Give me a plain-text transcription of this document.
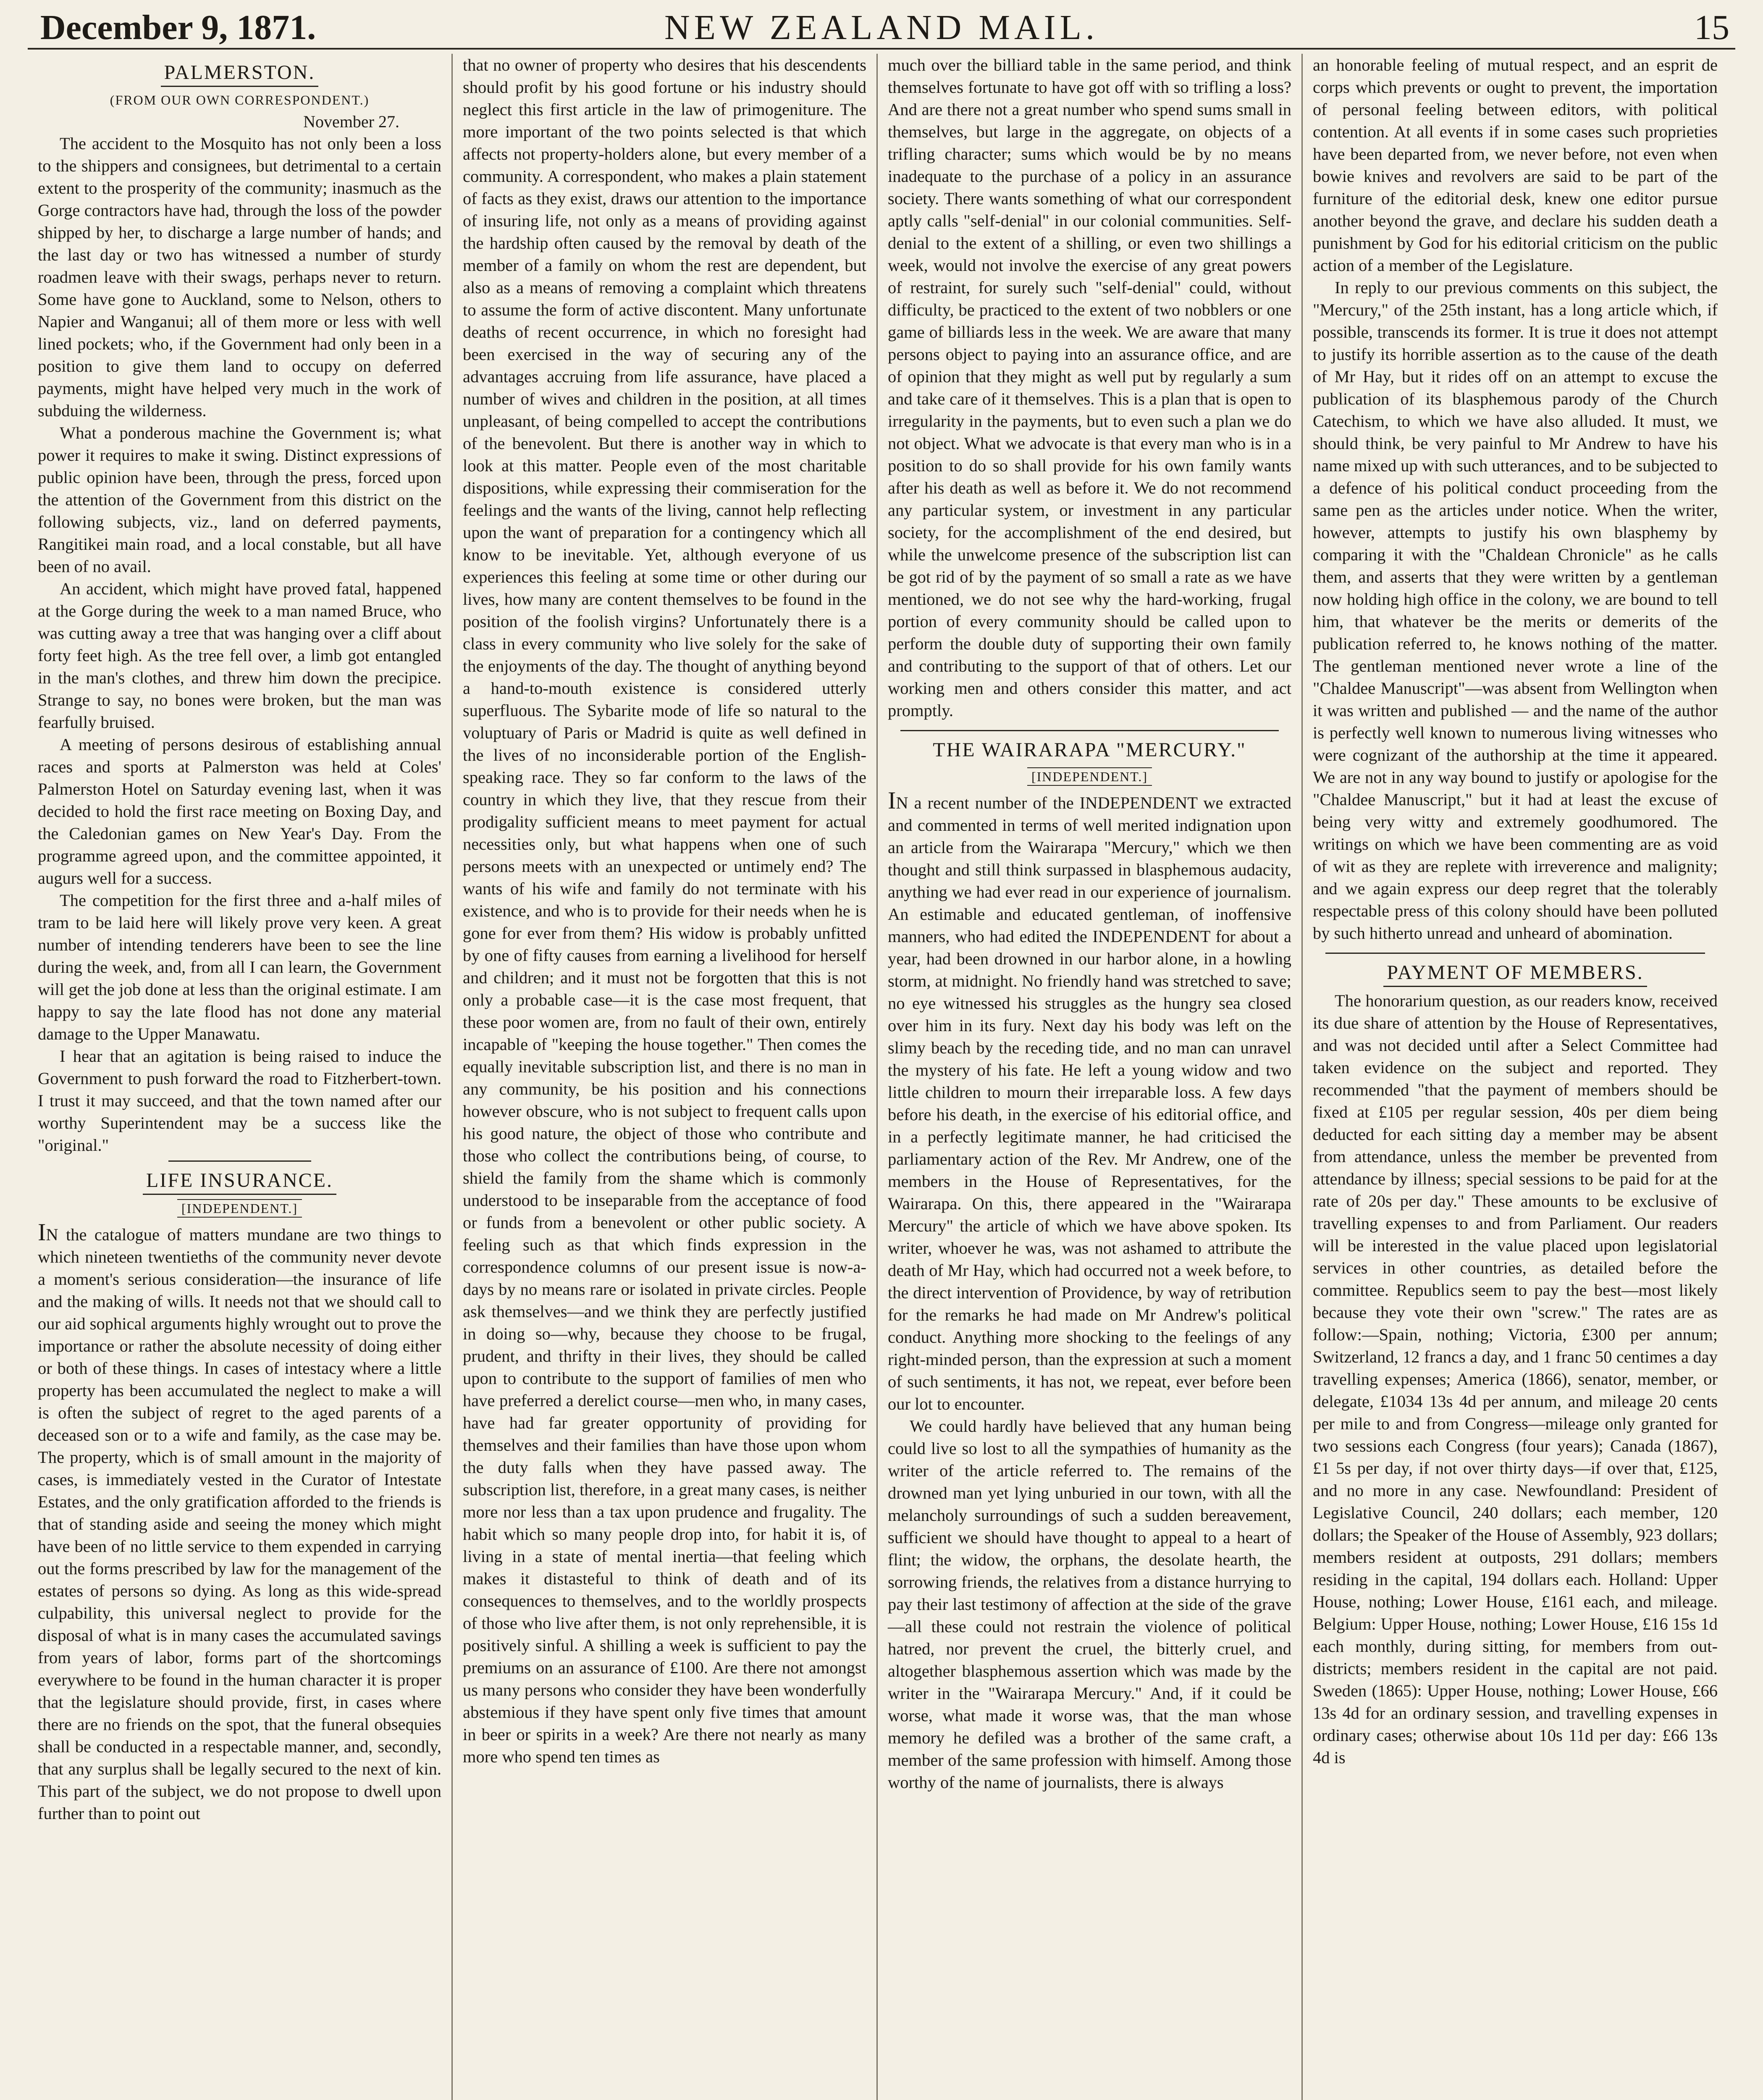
NEW ZEALAND MAIL.
December 9, 1871.	15
PALMERSTON.
(FROM OUR OWN CORRESPONDENT.)
November 27.

The accident to the Mosquito has not only been a loss to the shippers and consignees, but detrimental to a certain extent to the prosperity of the community; inasmuch as the Gorge contractors have had, through the loss of the powder shipped by her, to discharge a large number of hands; and the last day or two has witnessed a number of sturdy roadmen leave with their swags, perhaps never to return. Some have gone to Auckland, some to Nelson, others to Napier and Wanganui; all of them more or less with well lined pockets; who, if the Government had only been in a position to give them land to occupy on deferred payments, might have helped very much in the work of subduing the wilderness.

What a ponderous machine the Government is; what power it requires to make it swing. Distinct expressions of public opinion have been, through the press, forced upon the attention of the Government from this district on the following subjects, viz., land on deferred payments, Rangitikei main road, and a local constable, but all have been of no avail.

An accident, which might have proved fatal, happened at the Gorge during the week to a man named Bruce, who was cutting away a tree that was hanging over a cliff about forty feet high. As the tree fell over, a limb got entangled in the man's clothes, and threw him down the precipice. Strange to say, no bones were broken, but the man was fearfully bruised.

A meeting of persons desirous of establishing annual races and sports at Palmerston was held at Coles' Palmerston Hotel on Saturday evening last, when it was decided to hold the first race meeting on Boxing Day, and the Caledonian games on New Year's Day. From the programme agreed upon, and the committee appointed, it augurs well for a success.

The competition for the first three and a-half miles of tram to be laid here will likely prove very keen. A great number of intending tenderers have been to see the line during the week, and, from all I can learn, the Government will get the job done at less than the original estimate. I am happy to say the late flood has not done any material damage to the Upper Manawatu.

I hear that an agitation is being raised to induce the Government to push forward the road to Fitzherbert-town. I trust it may succeed, and that the town named after our worthy Superintendent may be a success like the "original."

LIFE INSURANCE.
[INDEPENDENT.]

IN the catalogue of matters mundane are two things to which nineteen twentieths of the community never devote a moment's serious consideration—the insurance of life and the making of wills. It needs not that we should call to our aid sophical arguments highly wrought out to prove the importance or rather the absolute necessity of doing either or both of these things. In cases of intestacy where a little property has been accumulated the neglect to make a will is often the subject of regret to the aged parents of a deceased son or to a wife and family, as the case may be. The property, which is of small amount in the majority of cases, is immediately vested in the Curator of Intestate Estates, and the only gratification afforded to the friends is that of standing aside and seeing the money which might have been of no little service to them expended in carrying out the forms prescribed by law for the management of the estates of persons so dying. As long as this wide-spread culpability, this universal neglect to provide for the disposal of what is in many cases the accumulated savings from years of labor, forms part of the shortcomings everywhere to be found in the human character it is proper that the legislature should provide, first, in cases where there are no friends on the spot, that the funeral obsequies shall be conducted in a respectable manner, and, secondly, that any surplus shall be legally secured to the next of kin. This part of the subject, we do not propose to dwell upon further than to point out

that no owner of property who desires that his descendents should profit by his good fortune or his industry should neglect this first article in the law of primogeniture. The more important of the two points selected is that which affects not property-holders alone, but every member of a community. A correspondent, who makes a plain statement of facts as they exist, draws our attention to the importance of insuring life, not only as a means of providing against the hardship often caused by the removal by death of the member of a family on whom the rest are dependent, but also as a means of removing a complaint which threatens to assume the form of active discontent. Many unfortunate deaths of recent occurrence, in which no foresight had been exercised in the way of securing any of the advantages accruing from life assurance, have placed a number of wives and children in the position, at all times unpleasant, of being compelled to accept the contributions of the benevolent. But there is another way in which to look at this matter. People even of the most charitable dispositions, while expressing their commiseration for the feelings and the wants of the living, cannot help reflecting upon the want of preparation for a contingency which all know to be inevitable. Yet, although everyone of us experiences this feeling at some time or other during our lives, how many are content themselves to be found in the position of the foolish virgins? Unfortunately there is a class in every community who live solely for the sake of the enjoyments of the day. The thought of anything beyond a hand-to-mouth existence is considered utterly superfluous. The Sybarite mode of life so natural to the voluptuary of Paris or Madrid is quite as well defined in the lives of no inconsiderable portion of the English-speaking race. They so far conform to the laws of the country in which they live, that they rescue from their prodigality sufficient means to meet payment for actual necessities only, but what happens when one of such persons meets with an unexpected or untimely end? The wants of his wife and family do not terminate with his existence, and who is to provide for their needs when he is gone for ever from them? His widow is probably unfitted by one of fifty causes from earning a livelihood for herself and children; and it must not be forgotten that this is not only a probable case—it is the case most frequent, that these poor women are, from no fault of their own, entirely incapable of "keeping the house together." Then comes the equally inevitable subscription list, and there is no man in any community, be his position and his connections however obscure, who is not subject to frequent calls upon his good nature, the object of those who contribute and those who collect the contributions being, of course, to shield the family from the shame which is commonly understood to be inseparable from the acceptance of food or funds from a benevolent or other public society. A feeling such as that which finds expression in the correspondence columns of our present issue is now-a-days by no means rare or isolated in private circles. People ask themselves—and we think they are perfectly justified in doing so—why, because they choose to be frugal, prudent, and thrifty in their lives, they should be called upon to contribute to the support of families of men who have preferred a derelict course—men who, in many cases, have had far greater opportunity of providing for themselves and their families than have those upon whom the duty falls when they have passed away. The subscription list, therefore, in a great many cases, is neither more nor less than a tax upon prudence and frugality. The habit which so many people drop into, for habit it is, of living in a state of mental inertia—that feeling which makes it distasteful to think of death and of its consequences to themselves, and to the worldly prospects of those who live after them, is not only reprehensible, it is positively sinful. A shilling a week is sufficient to pay the premiums on an assurance of £100. Are there not amongst us many persons who consider they have been wonderfully abstemious if they have spent only five times that amount in beer or spirits in a week? Are there not nearly as many more who spend ten times as

much over the billiard table in the same period, and think themselves fortunate to have got off with so trifling a loss? And are there not a great number who spend sums small in themselves, but large in the aggregate, on objects of a trifling character; sums which would be by no means inadequate to the purchase of a policy in an assurance society. There wants something of what our correspondent aptly calls "self-denial" in our colonial communities. Self-denial to the extent of a shilling, or even two shillings a week, would not involve the exercise of any great powers of restraint, for surely such "self-denial" could, without difficulty, be practiced to the extent of two nobblers or one game of billiards less in the week. We are aware that many persons object to paying into an assurance office, and are of opinion that they might as well put by regularly a sum and take care of it themselves. This is a plan that is open to irregularity in the payments, but to even such a plan we do not object. What we advocate is that every man who is in a position to do so shall provide for his own family wants after his death as well as before it. We do not recommend any particular system, or investment in any particular society, for the accomplishment of the end desired, but while the unwelcome presence of the subscription list can be got rid of by the payment of so small a rate as we have mentioned, we do not see why the hard-working, frugal portion of every community should be called upon to perform the double duty of supporting their own family and contributing to the support of that of others. Let our working men and others consider this matter, and act promptly.

THE WAIRARAPA "MERCURY."
[INDEPENDENT.]

IN a recent number of the INDEPENDENT we extracted and commented in terms of well merited indignation upon an article from the Wairarapa "Mercury," which we then thought and still think surpassed in blasphemous audacity, anything we had ever read in our experience of journalism. An estimable and educated gentleman, of inoffensive manners, who had edited the INDEPENDENT for about a year, had been drowned in our harbor alone, in a howling storm, at midnight. No friendly hand was stretched to save; no eye witnessed his struggles as the hungry sea closed over him in its fury. Next day his body was left on the slimy beach by the receding tide, and no man can unravel the mystery of his fate. He left a young widow and two little children to mourn their irreparable loss. A few days before his death, in the exercise of his editorial office, and in a perfectly legitimate manner, he had criticised the parliamentary action of the Rev. Mr Andrew, one of the members in the House of Representatives, for the Wairarapa. On this, there appeared in the "Wairarapa Mercury" the article of which we have above spoken. Its writer, whoever he was, was not ashamed to attribute the death of Mr Hay, which had occurred not a week before, to the direct intervention of Providence, by way of retribution for the remarks he had made on Mr Andrew's political conduct. Anything more shocking to the feelings of any right-minded person, than the expression at such a moment of such sentiments, it has not, we repeat, ever before been our lot to encounter.

We could hardly have believed that any human being could live so lost to all the sympathies of humanity as the writer of the article referred to. The remains of the drowned man yet lying unburied in our town, with all the melancholy surroundings of such a sudden bereavement, sufficient we should have thought to appeal to a heart of flint; the widow, the orphans, the desolate hearth, the sorrowing friends, the relatives from a distance hurrying to pay their last testimony of affection at the side of the grave—all these could not restrain the violence of political hatred, nor prevent the cruel, the bitterly cruel, and altogether blasphemous assertion which was made by the writer in the "Wairarapa Mercury." And, if it could be worse, what made it worse was, that the man whose memory he defiled was a brother of the same craft, a member of the same profession with himself. Among those worthy of the name of journalists, there is always

an honorable feeling of mutual respect, and an esprit de corps which prevents or ought to prevent, the importation of personal feeling between editors, with political contention. At all events if in some cases such proprieties have been departed from, we never before, not even when bowie knives and revolvers are said to be part of the furniture of the editorial desk, knew one editor pursue another beyond the grave, and declare his sudden death a punishment by God for his editorial criticism on the public action of a member of the Legislature.

In reply to our previous comments on this subject, the "Mercury," of the 25th instant, has a long article which, if possible, transcends its former. It is true it does not attempt to justify its horrible assertion as to the cause of the death of Mr Hay, but it rides off on an attempt to excuse the publication of its blasphemous parody of the Church Catechism, to which we have also alluded. It must, we should think, be very painful to Mr Andrew to have his name mixed up with such utterances, and to be subjected to a defence of his political conduct proceeding from the same pen as the articles under notice. When the writer, however, attempts to justify his own blasphemy by comparing it with the "Chaldean Chronicle" as he calls them, and asserts that they were written by a gentleman now holding high office in the colony, we are bound to tell him, that whatever be the merits or demerits of the publication referred to, he knows nothing of the matter. The gentleman mentioned never wrote a line of the "Chaldee Manuscript"—was absent from Wellington when it was written and published — and the name of the author is perfectly well known to numerous living witnesses who were cognizant of the authorship at the time it appeared. We are not in any way bound to justify or apologise for the "Chaldee Manuscript," but it had at least the excuse of being very witty and extremely goodhumored. The writings on which we have been commenting are as void of wit as they are replete with irreverence and malignity; and we again express our deep regret that the tolerably respectable press of this colony should have been polluted by such hitherto unread and unheard of abomination.

PAYMENT OF MEMBERS.

The honorarium question, as our readers know, received its due share of attention by the House of Representatives, and was not decided until after a Select Committee had taken evidence on the subject and reported. They recommended "that the payment of members should be fixed at £105 per regular session, 40s per diem being deducted for each sitting day a member may be absent from attendance, unless the member be prevented from attendance by illness; special sessions to be paid for at the rate of 20s per day." These amounts to be exclusive of travelling expenses to and from Parliament. Our readers will be interested in the value placed upon legislatorial services in other countries, as detailed before the committee. Republics seem to pay the best—most likely because they vote their own "screw." The rates are as follow:—Spain, nothing; Victoria, £300 per annum; Switzerland, 12 francs a day, and 1 franc 50 centimes a day travelling expenses; America (1866), senator, member, or delegate, £1034 13s 4d per annum, and mileage 20 cents per mile to and from Congress—mileage only granted for two sessions each Congress (four years); Canada (1867), £1 5s per day, if not over thirty days—if over that, £125, and no more in any case. Newfoundland: President of Legislative Council, 240 dollars; each member, 120 dollars; the Speaker of the House of Assembly, 923 dollars; members resident at outposts, 291 dollars; members residing in the capital, 194 dollars each. Holland: Upper House, nothing; Lower House, £161 each, and mileage. Belgium: Upper House, nothing; Lower House, £16 15s 1d each monthly, during sitting, for members from out-districts; members resident in the capital are not paid. Sweden (1865): Upper House, nothing; Lower House, £66 13s 4d for an ordinary session, and travelling expenses in ordinary cases; otherwise about 10s 11d per day: £66 13s 4d is
